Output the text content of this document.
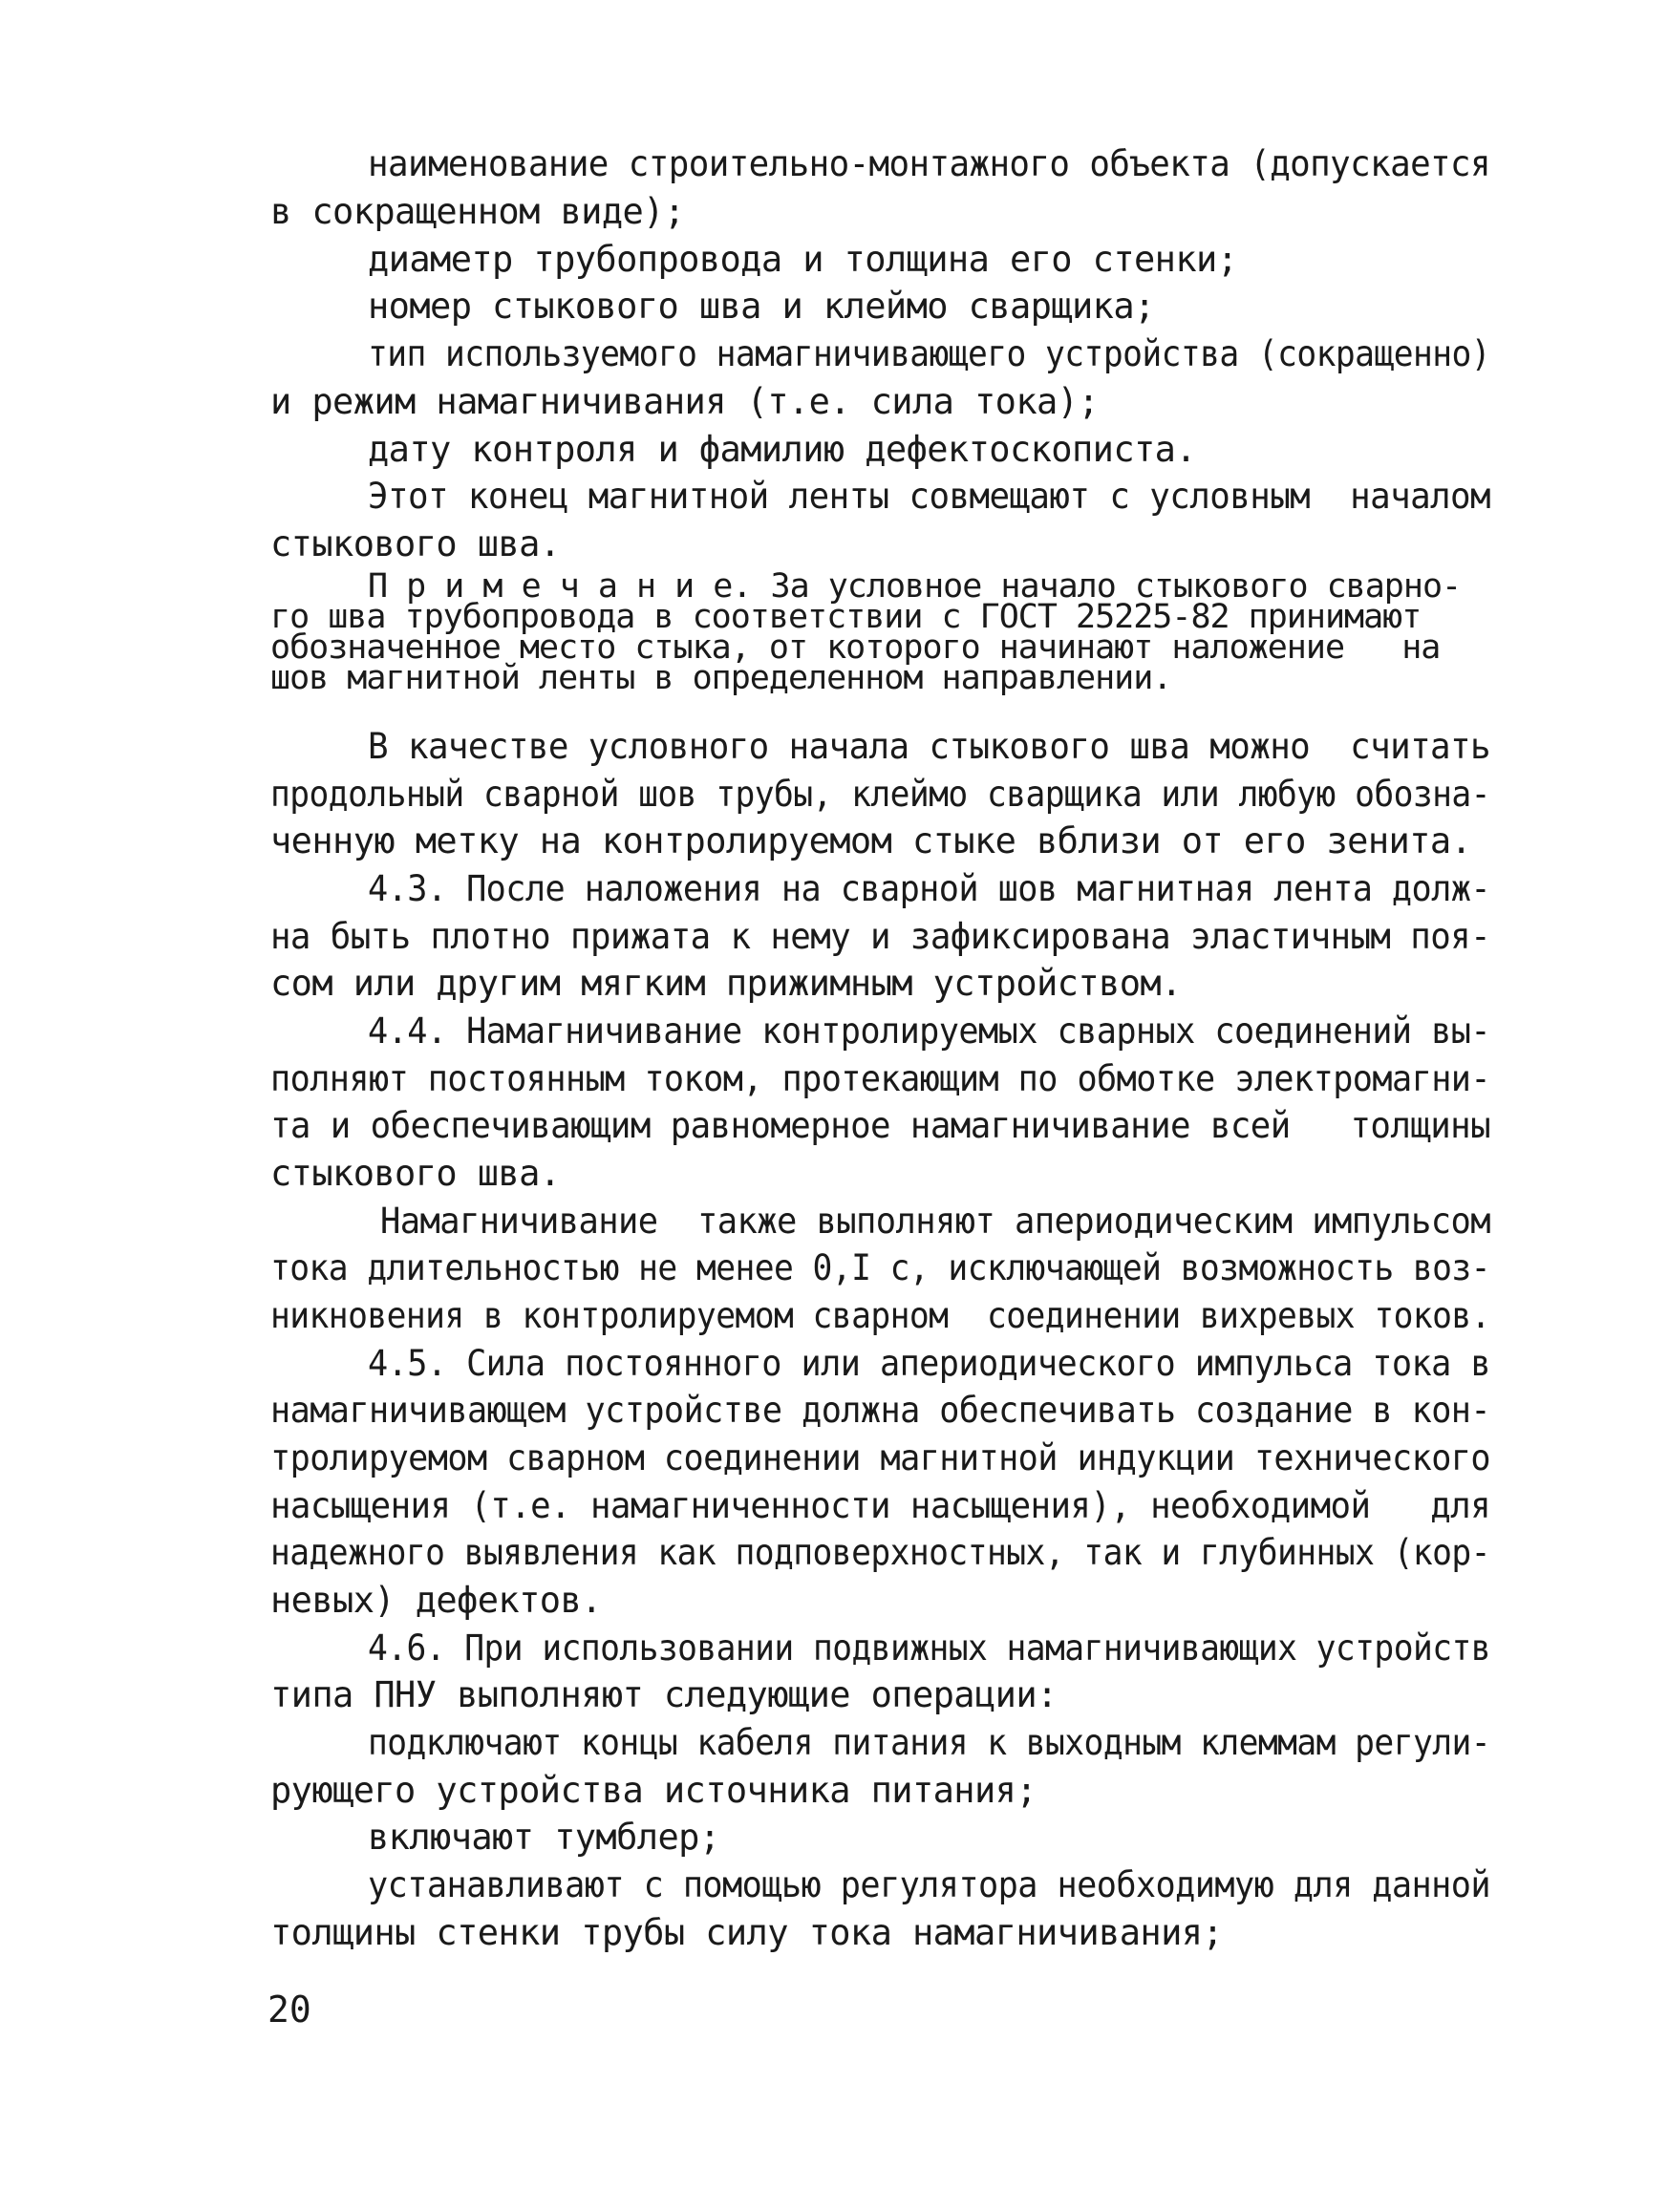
наименование строительно-монтажного объекта (допускается
в сокращенном виде);
диаметр трубопровода и толщина его стенки;
номер стыкового шва и клеймо сварщика;
тип используемого намагничивающего устройства (сокращенно)
и режим намагничивания (т.е. сила тока);
дату контроля и фамилию дефектоскописта.
Этот конец магнитной ленты совмещают с условным  началом
стыкового шва.
П р и м е ч а н и е. За условное начало стыкового сварно-
го шва трубопровода в соответствии с ГОСТ 25225-82 принимают
обозначенное место стыка, от которого начинают наложение   на
шов магнитной ленты в определенном направлении.
В качестве условного начала стыкового шва можно  считать
продольный сварной шов трубы, клеймо сварщика или любую обозна-
ченную метку на контролируемом стыке вблизи от его зенита.
4.3. После наложения на сварной шов магнитная лента долж-
на быть плотно прижата к нему и зафиксирована эластичным поя-
сом или другим мягким прижимным устройством.
4.4. Намагничивание контролируемых сварных соединений вы-
полняют постоянным током, протекающим по обмотке электромагни-
та и обеспечивающим равномерное намагничивание всей   толщины
стыкового шва.
Намагничивание  также выполняют апериодическим импульсом
тока длительностью не менее 0,I с, исключающей возможность воз-
никновения в контролируемом сварном  соединении вихревых токов.
4.5. Сила постоянного или апериодического импульса тока в
намагничивающем устройстве должна обеспечивать создание в кон-
тролируемом сварном соединении магнитной индукции технического
насыщения (т.е. намагниченности насыщения), необходимой   для
надежного выявления как подповерхностных, так и глубинных (кор-
невых) дефектов.
4.6. При использовании подвижных намагничивающих устройств
типа ПНУ выполняют следующие операции:
подключают концы кабеля питания к выходным клеммам регули-
рующего устройства источника питания;
включают тумблер;
устанавливают с помощью регулятора необходимую для данной
толщины стенки трубы силу тока намагничивания;
20
